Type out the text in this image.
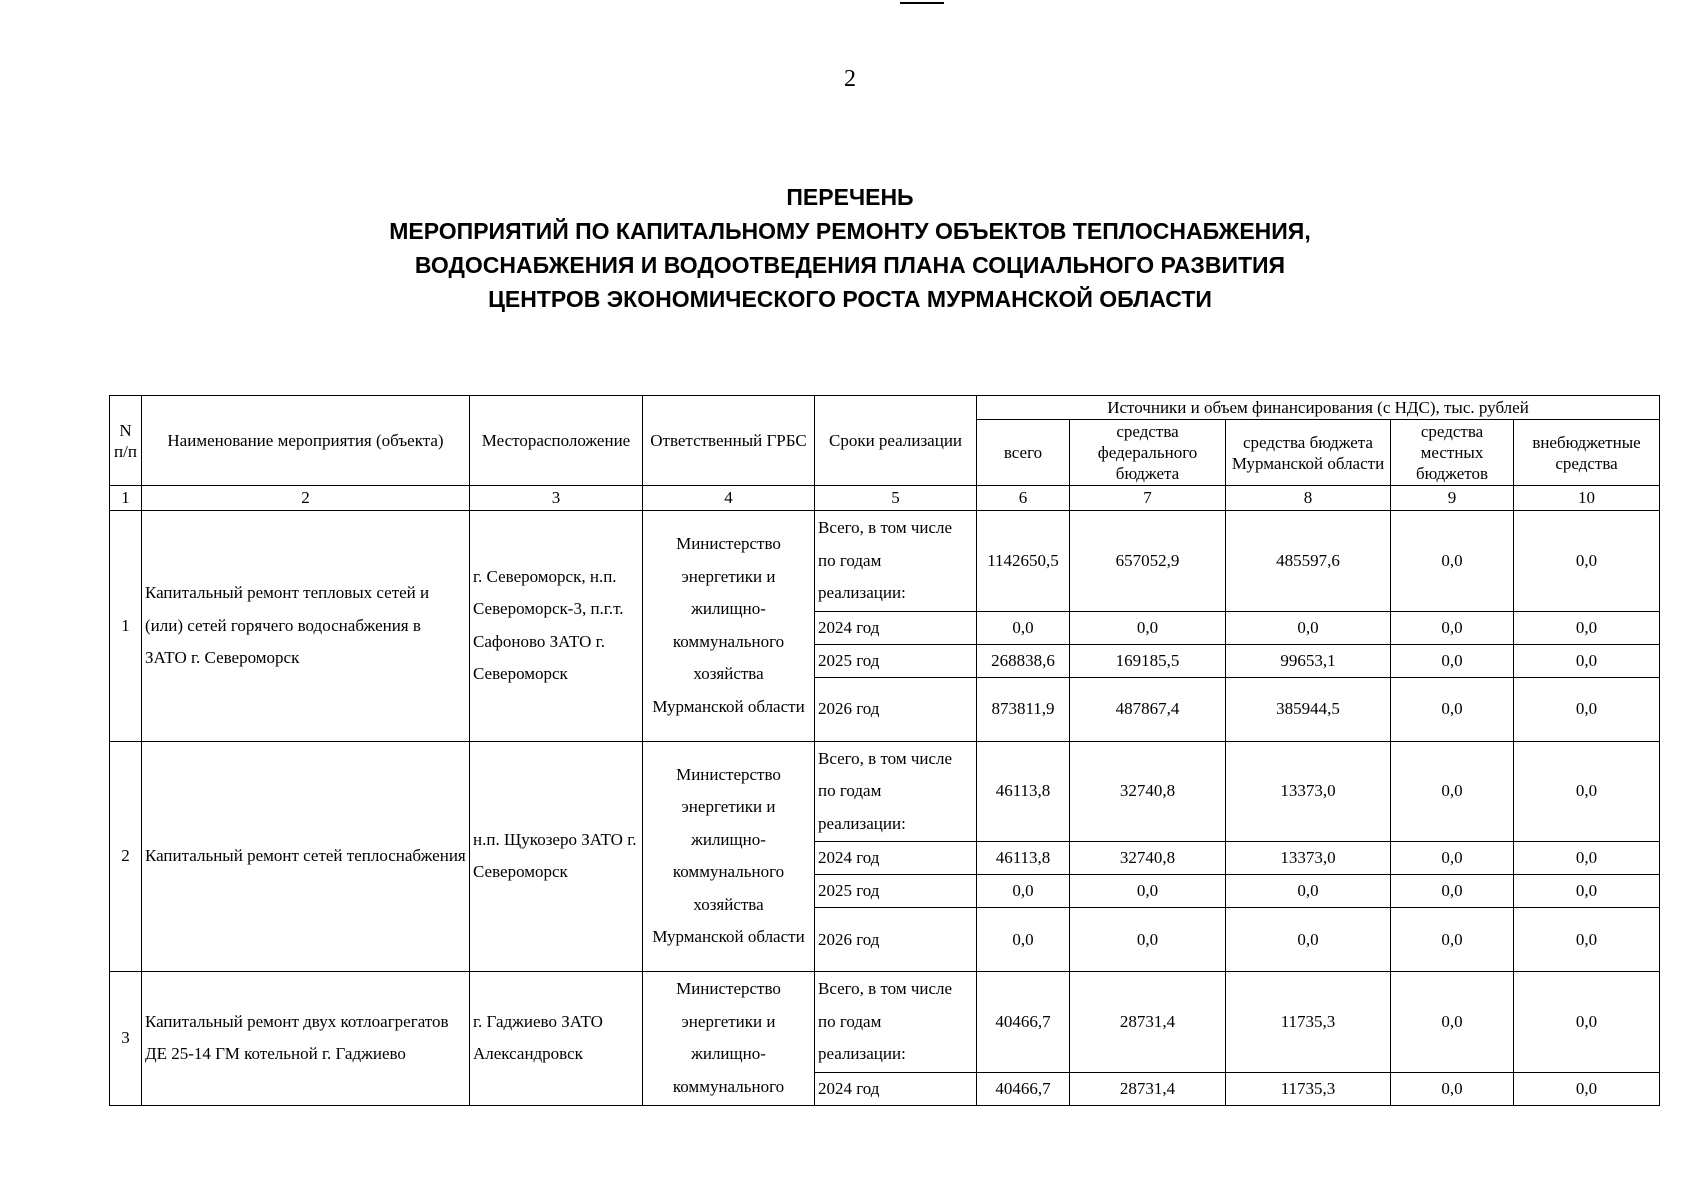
2
ПЕРЕЧЕНЬ
МЕРОПРИЯТИЙ ПО КАПИТАЛЬНОМУ РЕМОНТУ ОБЪЕКТОВ ТЕПЛОСНАБЖЕНИЯ,
ВОДОСНАБЖЕНИЯ И ВОДООТВЕДЕНИЯ ПЛАНА СОЦИАЛЬНОГО РАЗВИТИЯ
ЦЕНТРОВ ЭКОНОМИЧЕСКОГО РОСТА МУРМАНСКОЙ ОБЛАСТИ
N п/п	Наименование мероприятия (объекта)	Месторасположение	Ответственный ГРБС	Сроки реализации	Источники и объем финансирования (с НДС), тыс. рублей				
					всего	средства федерального бюджета	средства бюджета Мурманской области	средства местных бюджетов	внебюджетные средства
1	2	3	4	5	6	7	8	9	10
1	Капитальный ремонт тепловых сетей и (или) сетей горячего водоснабжения в ЗАТО г. Североморск	г. Североморск, н.п. Североморск-3, п.г.т. Сафоново ЗАТО г. Североморск	Министерство энергетики и жилищно-коммунального хозяйства Мурманской области	Всего, в том числе по годам реализации:	1142650,5	657052,9	485597,6	0,0	0,0
				2024 год	0,0	0,0	0,0	0,0	0,0
				2025 год	268838,6	169185,5	99653,1	0,0	0,0
				2026 год	873811,9	487867,4	385944,5	0,0	0,0
2	Капитальный ремонт сетей теплоснабжения	н.п. Щукозеро ЗАТО г. Североморск	Министерство энергетики и жилищно-коммунального хозяйства Мурманской области	Всего, в том числе по годам реализации:	46113,8	32740,8	13373,0	0,0	0,0
				2024 год	46113,8	32740,8	13373,0	0,0	0,0
				2025 год	0,0	0,0	0,0	0,0	0,0
				2026 год	0,0	0,0	0,0	0,0	0,0
3	Капитальный ремонт двух котлоагрегатов ДЕ 25-14 ГМ котельной г. Гаджиево	г. Гаджиево ЗАТО Александровск	Министерство энергетики и жилищно-коммунального	Всего, в том числе по годам реализации:	40466,7	28731,4	11735,3	0,0	0,0
				2024 год	40466,7	28731,4	11735,3	0,0	0,0
